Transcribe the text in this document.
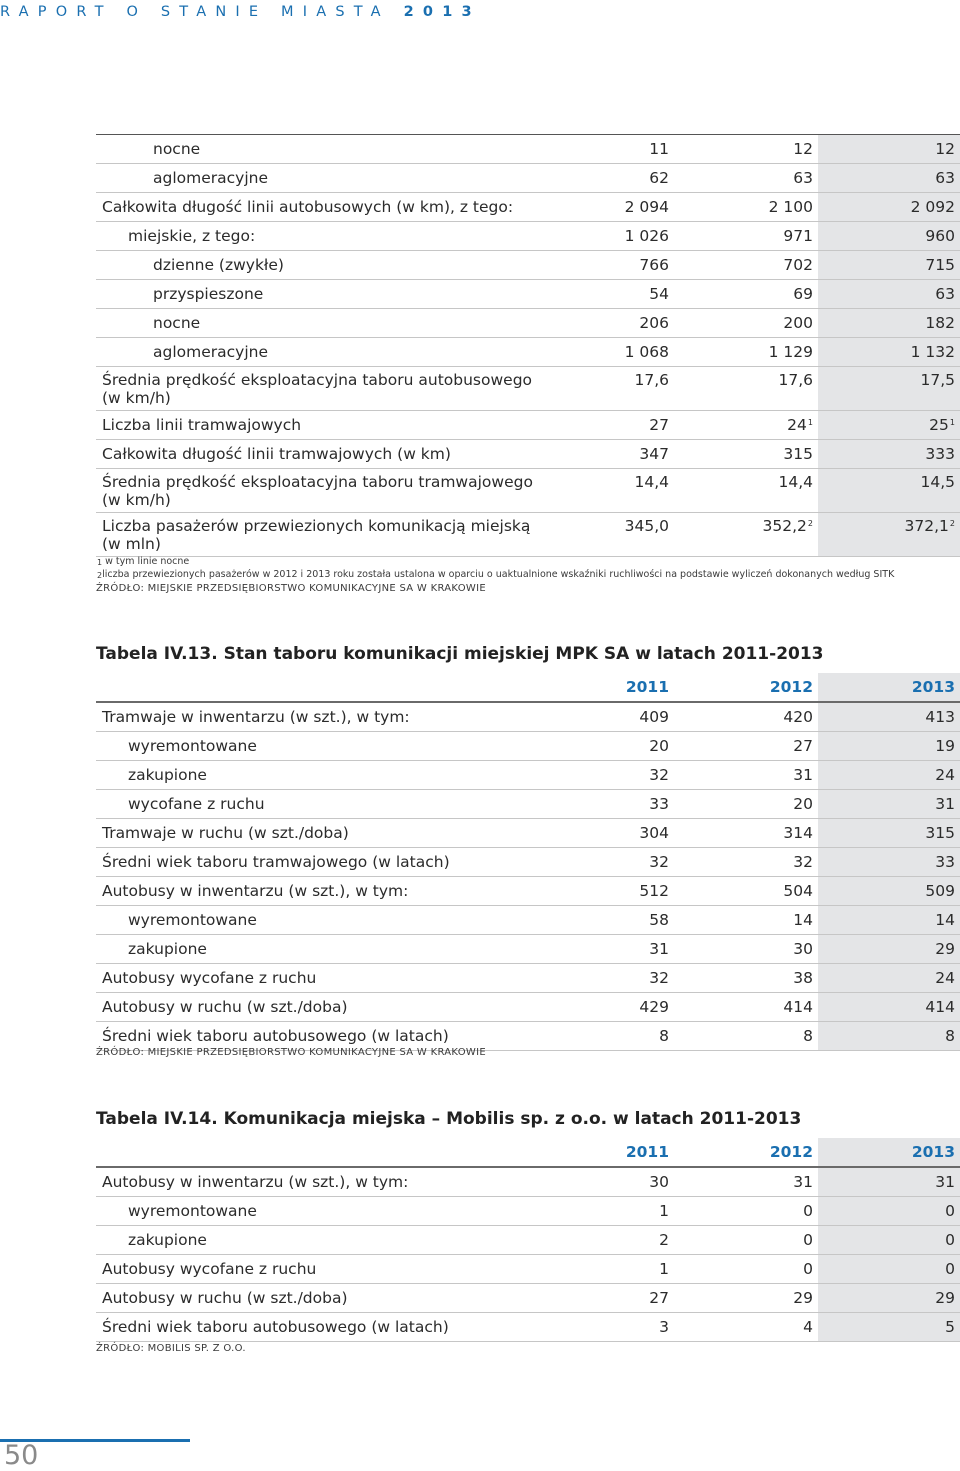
RAPORT O STANIE MIASTA 2013
nocne	11	12	12
aglomeracyjne	62	63	63
Całkowita długość linii autobusowych (w km), z tego:	2 094	2 100	2 092
miejskie, z tego:	1 026	971	960
dzienne (zwykłe)	766	702	715
przyspieszone	54	69	63
nocne	206	200	182
aglomeracyjne	1 068	1 129	1 132
Średnia prędkość eksploatacyjna taboru autobusowego
(w km/h)	17,6	17,6	17,5
Liczba linii tramwajowych	27	$24^1$	$25^1$
Całkowita długość linii tramwajowych (w km)	347	315	333
Średnia prędkość eksploatacyjna taboru tramwajowego
(w km/h)	14,4	14,4	14,5
Liczba pasażerów przewiezionych komunikacją miejską
(w mln)	345,0	352,2$^2$	372,1$^2$
$^1$ w tym linie nocne
$^2$liczba przewiezionych pasażerów w 2012 i 2013 roku została ustalona w oparciu o uaktualnione wskaźniki ruchliwości na podstawie wyliczeń dokonanych według SITK
ŹRÓDŁO: MIEJSKIE PRZEDSIĘBIORSTWO KOMUNIKACYJNE SA W KRAKOWIE
Tabela IV.13. Stan taboru komunikacji miejskiej MPK SA w latach 2011-2013
	2011	2012	2013
Tramwaje w inwentarzu (w szt.), w tym:	409	420	413
wyremontowane	20	27	19
zakupione	32	31	24
wycofane z ruchu	33	20	31
Tramwaje w ruchu (w szt./doba)	304	314	315
Średni wiek taboru tramwajowego (w latach)	32	32	33
Autobusy w inwentarzu (w szt.), w tym:	512	504	509
wyremontowane	58	14	14
zakupione	31	30	29
Autobusy wycofane z ruchu	32	38	24
Autobusy w ruchu (w szt./doba)	429	414	414
Średni wiek taboru autobusowego (w latach)	8	8	8
ŹRÓDŁO: MIEJSKIE PRZEDSIĘBIORSTWO KOMUNIKACYJNE SA W KRAKOWIE
Tabela IV.14. Komunikacja miejska – Mobilis sp. z o.o. w latach 2011-2013
	2011	2012	2013
Autobusy w inwentarzu (w szt.), w tym:	30	31	31
wyremontowane	1	0	0
zakupione	2	0	0
Autobusy wycofane z ruchu	1	0	0
Autobusy w ruchu (w szt./doba)	27	29	29
Średni wiek taboru autobusowego (w latach)	3	4	5
ŹRÓDŁO: MOBILIS SP. Z O.O.
50
